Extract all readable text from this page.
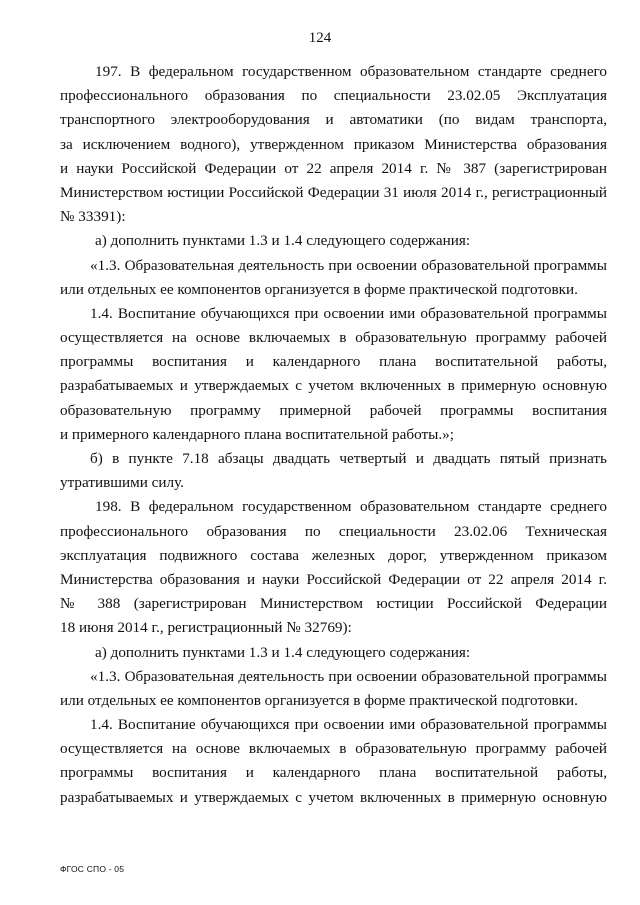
124
197. В федеральном государственном образовательном стандарте среднего
профессионального образования по специальности 23.02.05 Эксплуатация
транспортного электрооборудования и автоматики (по видам транспорта,
за исключением водного), утвержденном приказом Министерства образования
и науки Российской Федерации от 22 апреля 2014 г. № 387 (зарегистрирован
Министерством юстиции Российской Федерации 31 июля 2014 г., регистрационный
№ 33391):
а) дополнить пунктами 1.3 и 1.4 следующего содержания:
«1.3. Образовательная деятельность при освоении образовательной программы
или отдельных ее компонентов организуется в форме практической подготовки.
1.4. Воспитание обучающихся при освоении ими образовательной программы
осуществляется на основе включаемых в образовательную программу рабочей
программы воспитания и календарного плана воспитательной работы,
разрабатываемых и утверждаемых с учетом включенных в примерную основную
образовательную программу примерной рабочей программы воспитания
и примерного календарного плана воспитательной работы.»;
б) в пункте 7.18 абзацы двадцать четвертый и двадцать пятый признать
утратившими силу.
198. В федеральном государственном образовательном стандарте среднего
профессионального образования по специальности 23.02.06 Техническая
эксплуатация подвижного состава железных дорог, утвержденном приказом
Министерства образования и науки Российской Федерации от 22 апреля 2014 г.
№ 388 (зарегистрирован Министерством юстиции Российской Федерации
18 июня 2014 г., регистрационный № 32769):
а) дополнить пунктами 1.3 и 1.4 следующего содержания:
«1.3. Образовательная деятельность при освоении образовательной программы
или отдельных ее компонентов организуется в форме практической подготовки.
1.4. Воспитание обучающихся при освоении ими образовательной программы
осуществляется на основе включаемых в образовательную программу рабочей
программы воспитания и календарного плана воспитательной работы,
разрабатываемых и утверждаемых с учетом включенных в примерную основную
ФГОС СПО - 05
